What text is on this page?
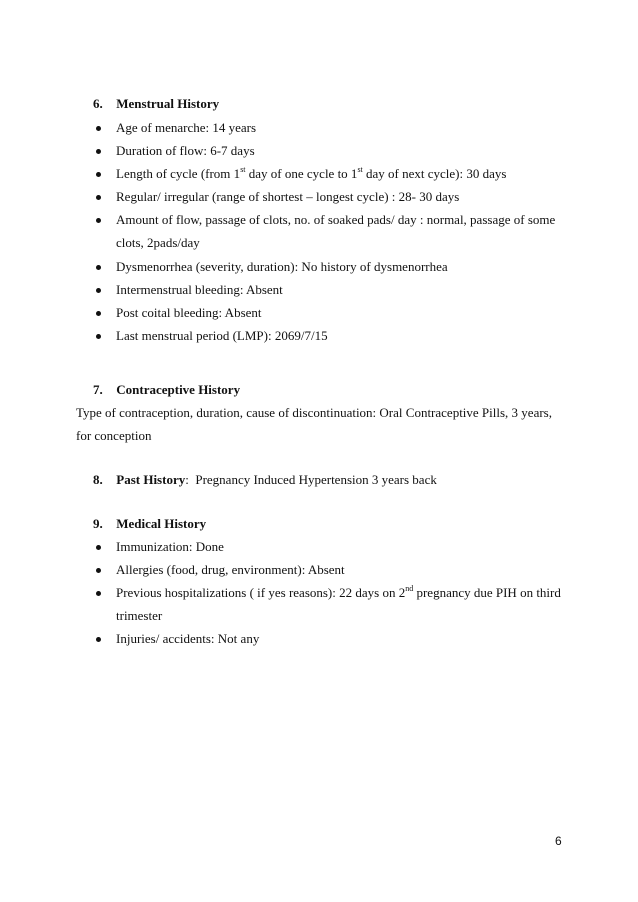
6. Menstrual History
Age of menarche: 14 years
Duration of flow: 6-7 days
Length of cycle (from 1st day of one cycle to 1st day of next cycle): 30 days
Regular/ irregular (range of shortest – longest cycle) : 28- 30 days
Amount of flow, passage of clots, no. of soaked pads/ day : normal, passage of some
clots, 2pads/day
Dysmenorrhea (severity, duration): No history of dysmenorrhea
Intermenstrual bleeding: Absent
Post coital bleeding: Absent
Last menstrual period (LMP): 2069/7/15
7. Contraceptive History
Type of contraception, duration, cause of discontinuation: Oral Contraceptive Pills, 3 years,
for conception
8. Past History:  Pregnancy Induced Hypertension 3 years back
9. Medical History
Immunization: Done
Allergies (food, drug, environment): Absent
Previous hospitalizations ( if yes reasons): 22 days on 2nd pregnancy due PIH on third
trimester
Injuries/ accidents: Not any
6
